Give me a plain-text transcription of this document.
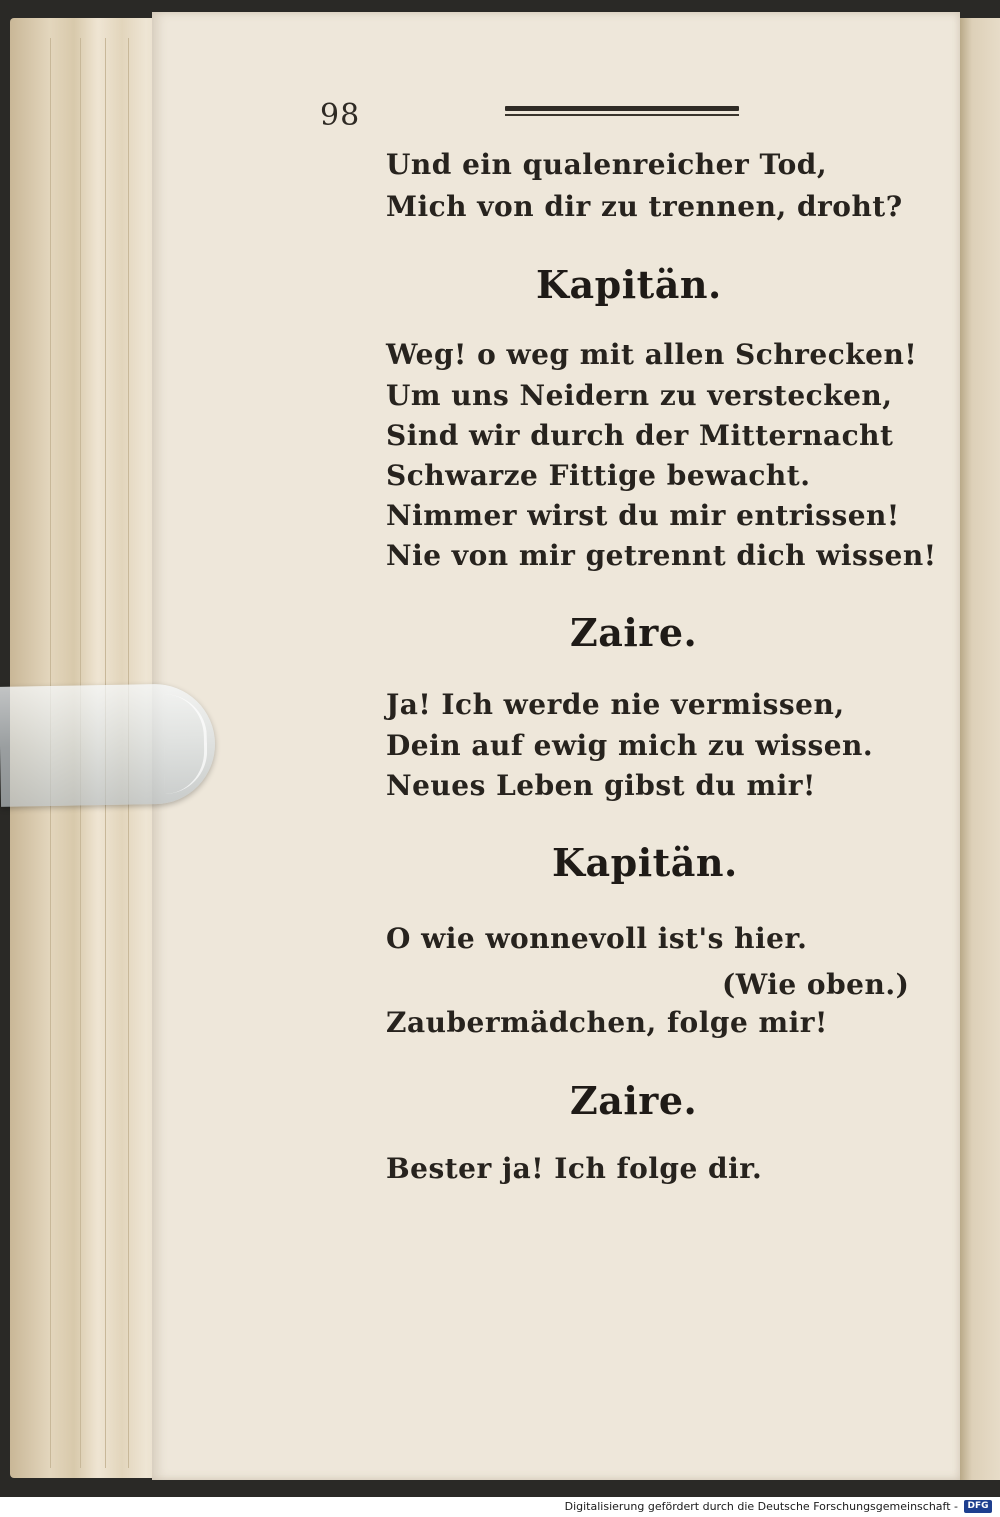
98
Und ein qualenreicher Tod,
Mich von dir zu trennen, droht?
Kapitän.
Weg! o weg mit allen Schrecken!
Um uns Neidern zu verstecken,
Sind wir durch der Mitternacht
Schwarze Fittige bewacht.
Nimmer wirst du mir entrissen!
Nie von mir getrennt dich wissen!
Zaire.
Ja! Ich werde nie vermissen,
Dein auf ewig mich zu wissen.
Neues Leben gibst du mir!
Kapitän.
O wie wonnevoll ist's hier.
(Wie oben.)
Zaubermädchen, folge mir!
Zaire.
Bester ja! Ich folge dir.
Digitalisierung gefördert durch die Deutsche Forschungsgemeinschaft -	DFG
